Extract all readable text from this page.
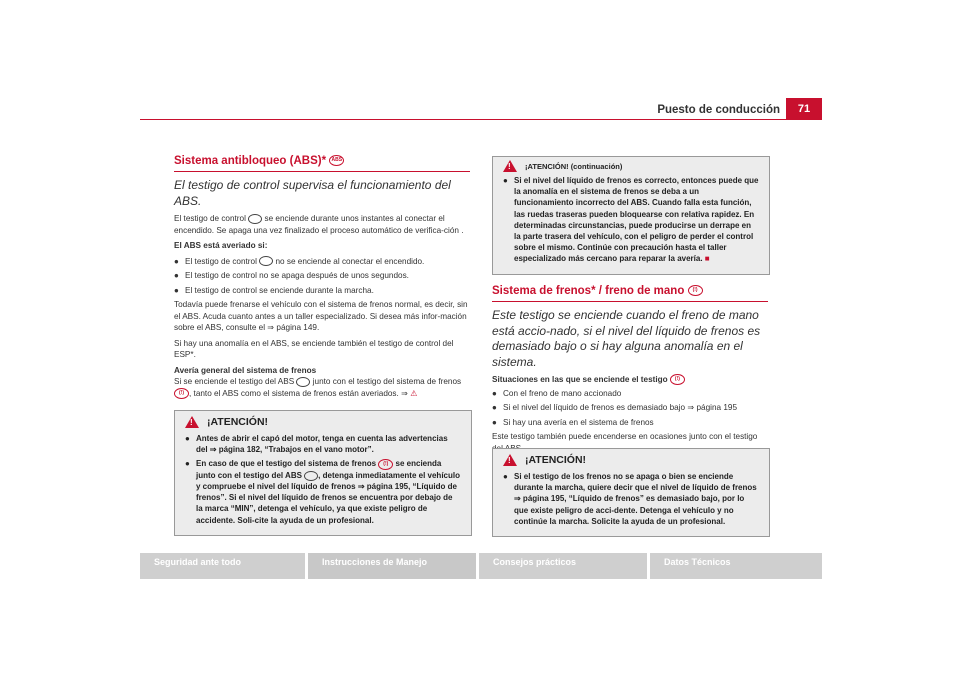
Puesto de conducción	71
Sistema antibloqueo (ABS)* ABS

El testigo de control supervisa el funcionamiento del ABS.

El testigo de control se enciende durante unos instantes al conectar el encendido. Se apaga una vez finalizado el proceso automático de verifica-ción .

El ABS está averiado si:

● El testigo de control no se enciende al conectar el encendido.
● El testigo de control no se apaga después de unos segundos.
● El testigo de control se enciende durante la marcha.

Todavía puede frenarse el vehículo con el sistema de frenos normal, es decir, sin el ABS. Acuda cuanto antes a un taller especializado. Si desea más infor-mación sobre el ABS, consulte el ⇒ página 149.

Si hay una anomalía en el ABS, se enciende también el testigo de control del ESP*.

Avería general del sistema de frenos

Si se enciende el testigo del ABS junto con el testigo del sistema de frenos (!) , tanto el ABS como el sistema de frenos están averiados. ⇒ ⚠

!
¡ATENCIÓN!
● Antes de abrir el capó del motor, tenga en cuenta las advertencias del ⇒ página 182, “Trabajos en el vano motor”.
● En caso de que el testigo del sistema de frenos (!) se encienda junto con el testigo del ABS , detenga inmediatamente el vehículo y compruebe el nivel del líquido de frenos ⇒ página 195, “Líquido de frenos”. Si el nivel del líquido de frenos se encuentra por debajo de la marca “MIN”, detenga el vehículo, ya que existe peligro de accidente. Soli-cite la ayuda de un profesional.
!
¡ATENCIÓN! (continuación)
● Si el nivel del líquido de frenos es correcto, entonces puede que la anomalía en el sistema de frenos se deba a un funcionamiento incorrecto del ABS. Cuando falla esta función, las ruedas traseras pueden bloquearse con relativa rapidez. En determinadas circunstancias, puede producirse un derrape en la parte trasera del vehículo, con el peligro de perder el control sobre el mismo. Continúe con precaución hasta el taller especializado más cercano para reparar la avería. ■
Sistema de frenos* / freno de mano (!)

Este testigo se enciende cuando el freno de mano está accio-nado, si el nivel del líquido de frenos es demasiado bajo o si hay alguna anomalía en el sistema.

Situaciones en las que se enciende el testigo (!)

● Con el freno de mano accionado
● Si el nivel del líquido de frenos es demasiado bajo ⇒ página 195
● Si hay una avería en el sistema de frenos

Este testigo también puede encenderse en ocasiones junto con el testigo

!
¡ATENCIÓN!
● Si el testigo de los frenos no se apaga o bien se enciende durante la marcha, quiere decir que el nivel de líquido de frenos ⇒ página 195, “Líquido de frenos” es demasiado bajo, por lo que existe peligro de acci-dente. Detenga el vehículo y no continúe la marcha. Solicite la ayuda de un profesional.
Seguridad ante todo	Instrucciones de Manejo	Consejos prácticos	Datos Técnicos
